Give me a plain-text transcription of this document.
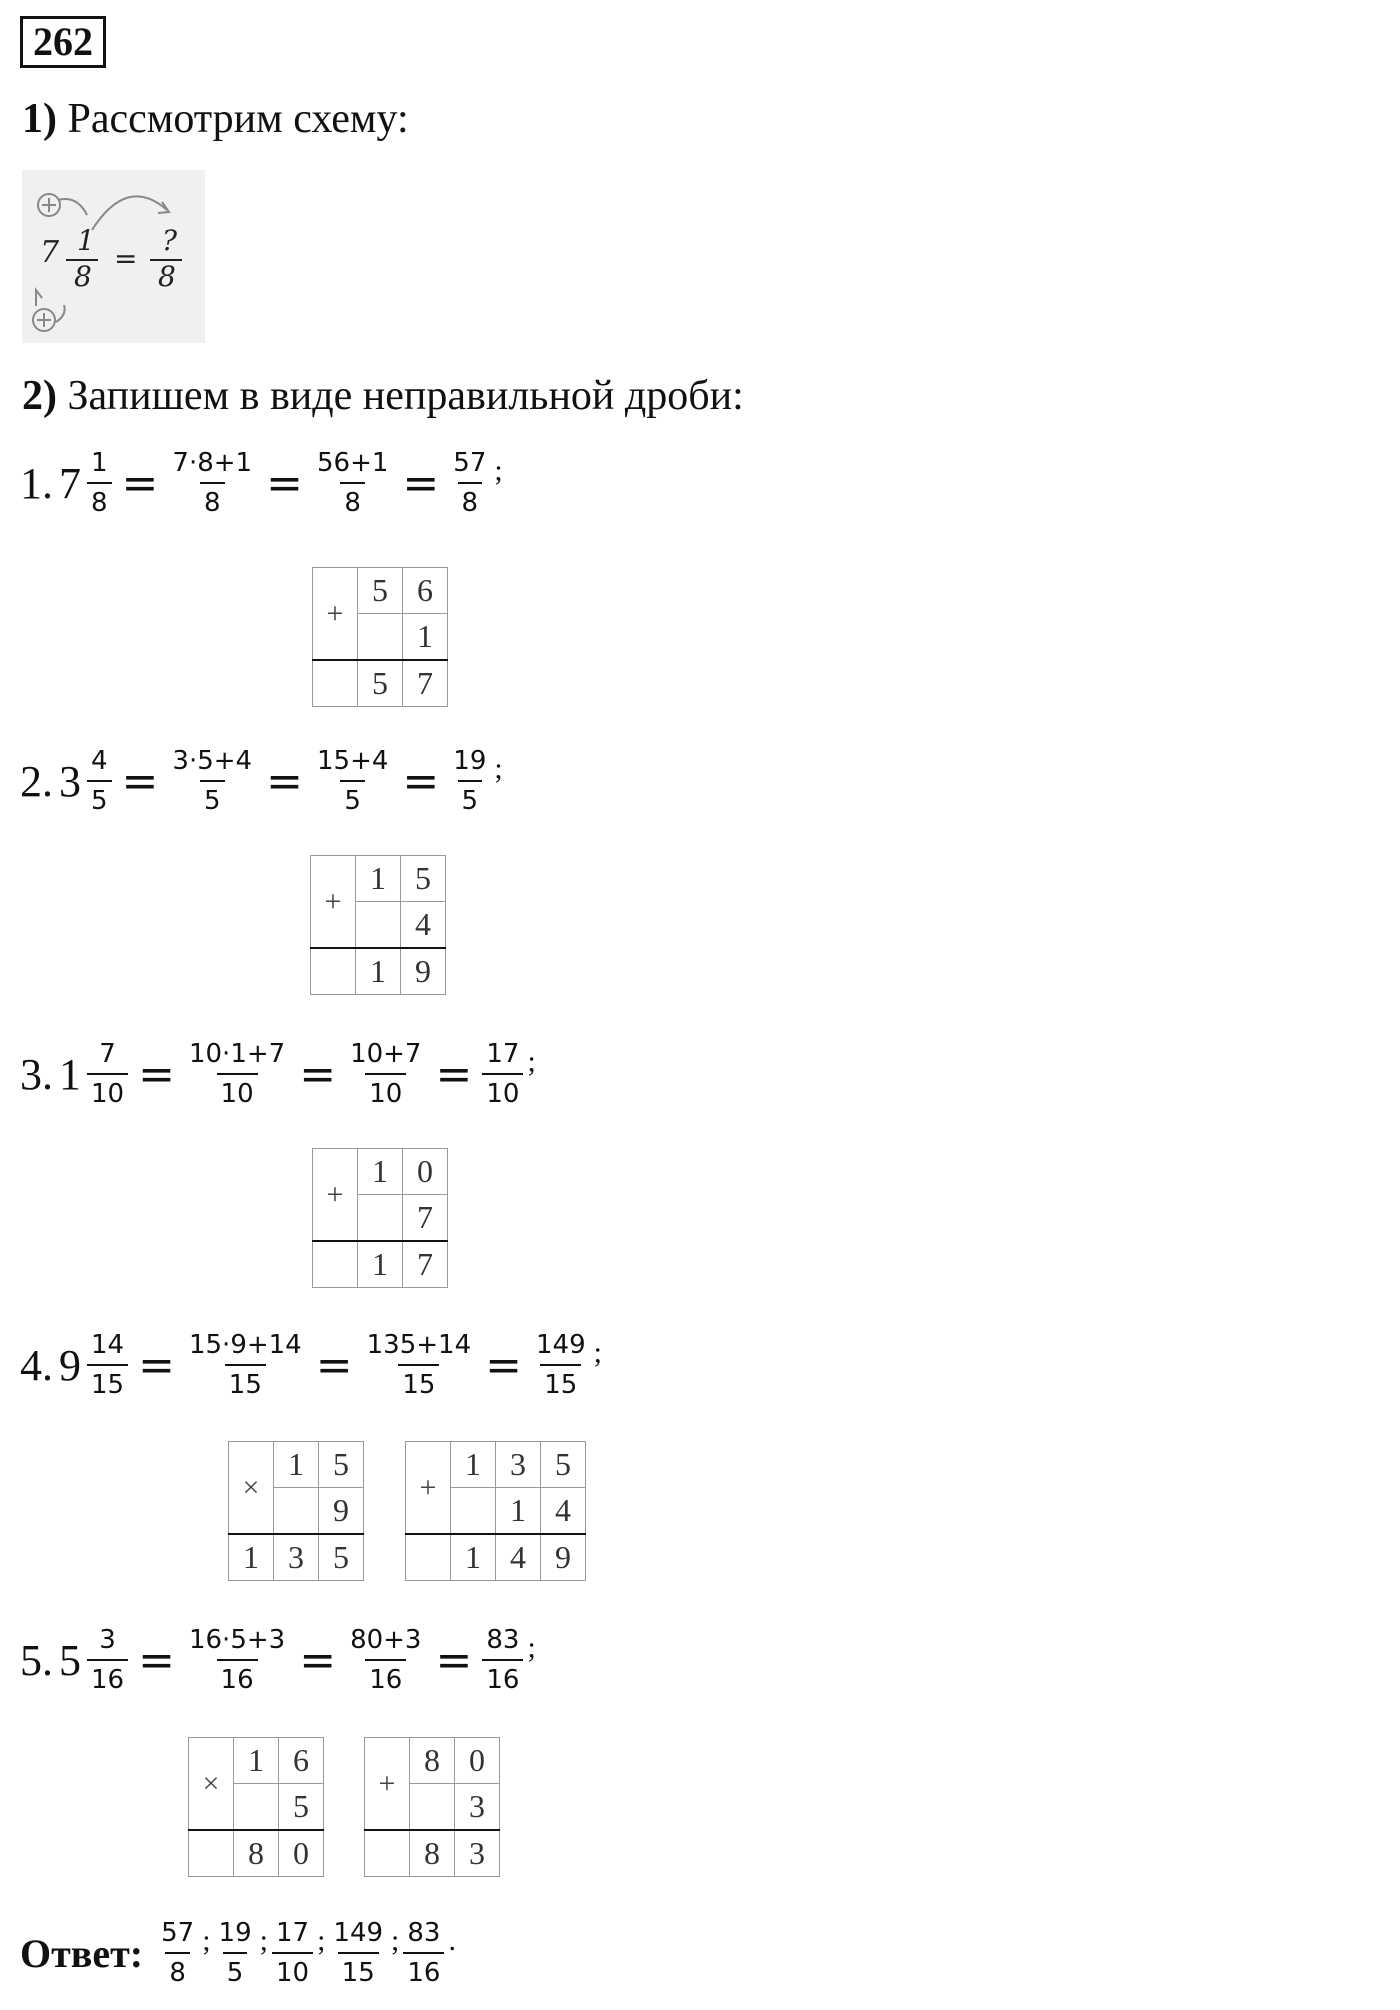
262
1) Рассмотрим схему:
7 1
8
=
?
8
2) Запишем в виде неправильной дроби:
1. $7 \frac{1}{8} = \frac{7\cdot 8+1}{8} = \frac{56+1}{8} = \frac{57}{8}$ ;
+	5	6
		1
	5	7
2. $3 \frac{4}{5} = \frac{3\cdot 5+4}{5} = \frac{15+4}{5} = \frac{19}{5}$ ;
+	1	5
		4
	1	9
3. $1 \frac{7}{10} = \frac{10\cdot 1+7}{10} = \frac{10+7}{10} = \frac{17}{10}$ ;
+	1	0
		7
	1	7
4. $9 \frac{14}{15} = \frac{15\cdot 9+14}{15} = \frac{135+14}{15} = \frac{149}{15}$ ;
×	1	5
		9
1	3	5
+	1	3	5
		1	4
	1	4	9
5. $5 \frac{3}{16} = \frac{16\cdot 5+3}{16} = \frac{80+3}{16} = \frac{83}{16}$ ;
×	1	6
		5
	8	0
+	8	0
		3
	8	3
Ответ: $\frac{57}{8}$ ; $\frac{19}{5}$ ; $\frac{17}{10}$ ; $\frac{149}{15}$ ; $\frac{83}{16}$ .
